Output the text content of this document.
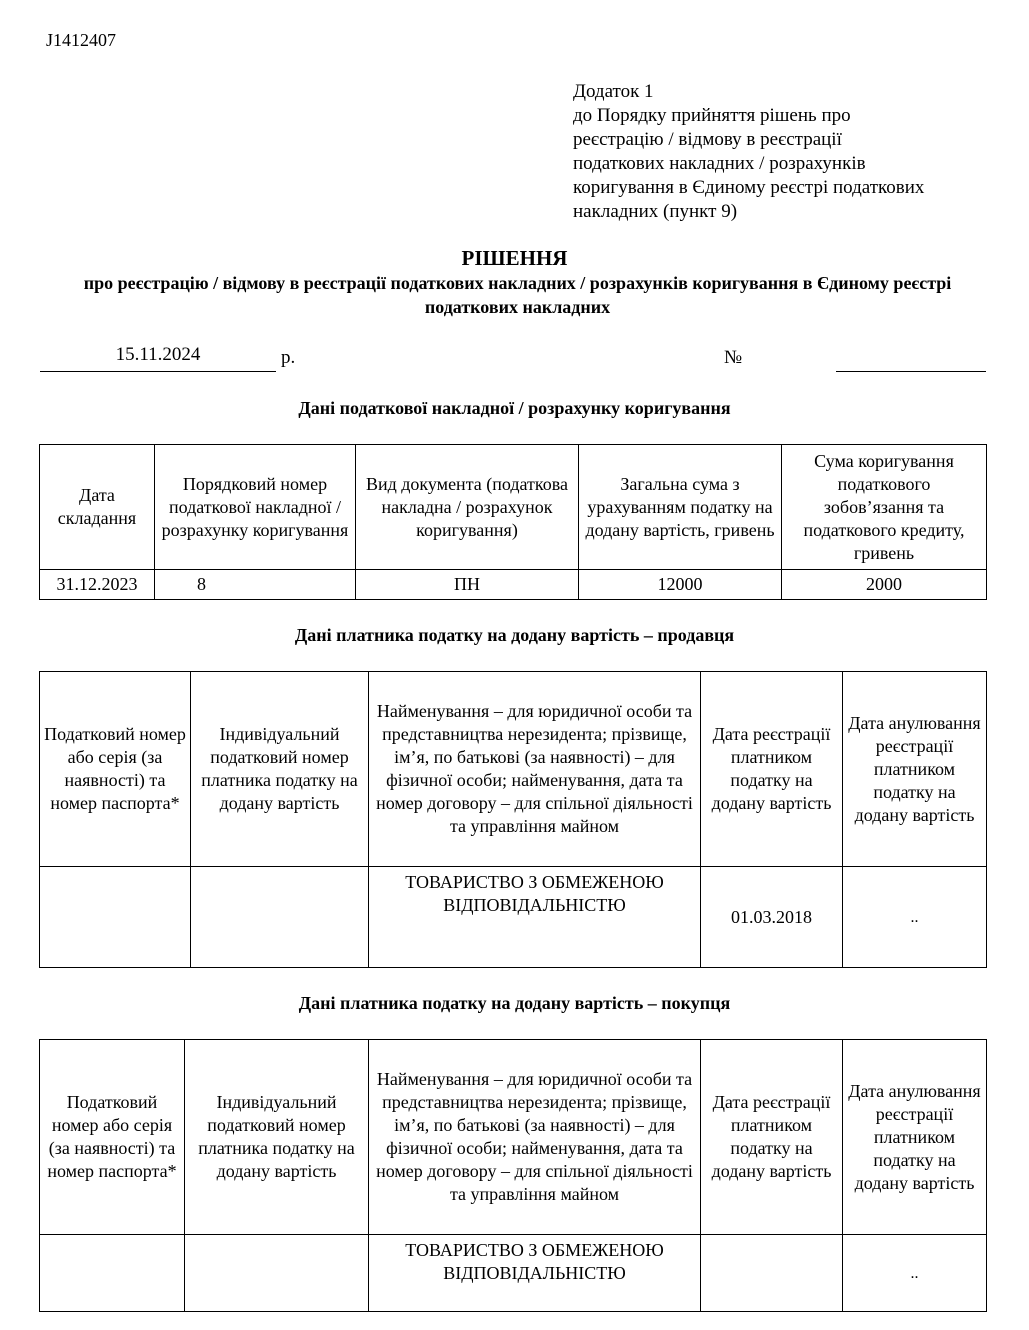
J1412407
Додаток 1
до Порядку прийняття рішень про
реєстрацію / відмову в реєстрації
податкових накладних / розрахунків
коригування в Єдиному реєстрі податкових
накладних (пункт 9)
РІШЕННЯ
про реєстрацію / відмову в реєстрації податкових накладних / розрахунків коригування в Єдиному реєстрі податкових накладних
15.11.2024	р.	№
Дані податкової накладної / розрахунку коригування
Дата складання	Порядковий номер податкової накладної / розрахунку коригування	Вид документа (податкова накладна / розрахунок коригування)	Загальна сума з урахуванням податку на додану вартість, гривень	Сума коригування податкового зобов’язання та податкового кредиту, гривень
31.12.2023	8	ПН	12000	2000
Дані платника податку на додану вартість – продавця
Податковий номер або серія (за наявності) та номер паспорта*	Індивідуальний податковий номер платника податку на додану вартість	Найменування – для юридичної особи та представництва нерезидента; прізвище, ім’я, по батькові (за наявності) – для фізичної особи; найменування, дата та номер договору – для спільної діяльності та управління майном	Дата реєстрації платником податку на додану вартість	Дата анулювання реєстрації платником податку на додану вартість
		ТОВАРИСТВО З ОБМЕЖЕНОЮ ВІДПОВІДАЛЬНІСТЮ	01.03.2018	..
Дані платника податку на додану вартість – покупця
Податковий номер або серія (за наявності) та номер паспорта*	Індивідуальний податковий номер платника податку на додану вартість	Найменування – для юридичної особи та представництва нерезидента; прізвище, ім’я, по батькові (за наявності) – для фізичної особи; найменування, дата та номер договору – для спільної діяльності та управління майном	Дата реєстрації платником податку на додану вартість	Дата анулювання реєстрації платником податку на додану вартість
		ТОВАРИСТВО З ОБМЕЖЕНОЮ ВІДПОВІДАЛЬНІСТЮ		..
